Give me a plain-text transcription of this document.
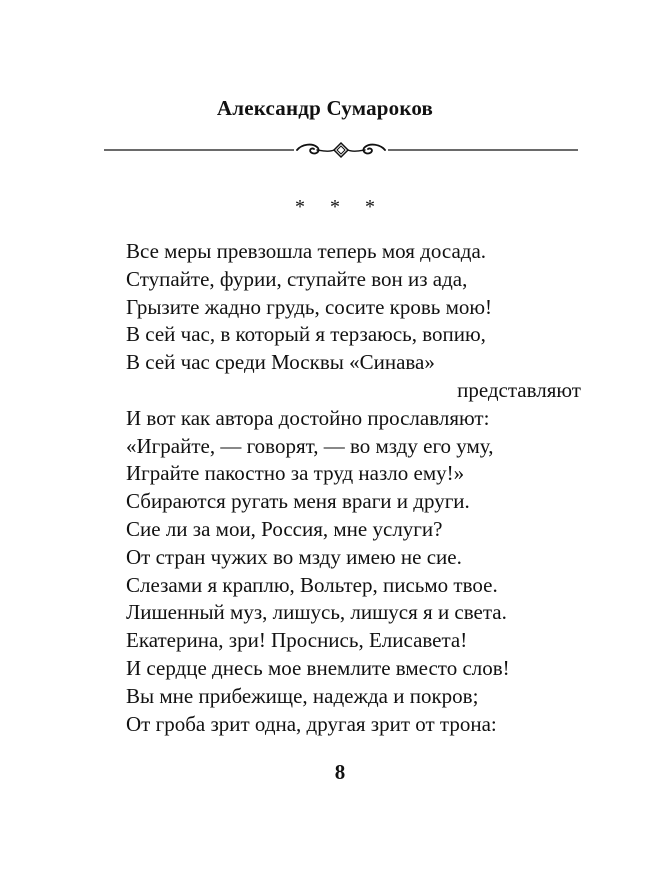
Александр Сумароков
* * *
Все меры превзошла теперь моя досада.
Ступайте, фурии, ступайте вон из ада,
Грызите жадно грудь, сосите кровь мою!
В сей час, в который я терзаюсь, вопию,
В сей час среди Москвы «Синава»
представляют
И вот как автора достойно прославляют:
«Играйте, — говорят, — во мзду его уму,
Играйте пакостно за труд назло ему!»
Сбираются ругать меня враги и други.
Сие ли за мои, Россия, мне услуги?
От стран чужих во мзду имею не сие.
Слезами я краплю, Вольтер, письмо твое.
Лишенный муз, лишусь, лишуся я и света.
Екатерина, зри! Проснись, Елисавета!
И сердце днесь мое внемлите вместо слов!
Вы мне прибежище, надежда и покров;
От гроба зрит одна, другая зрит от трона:
8
